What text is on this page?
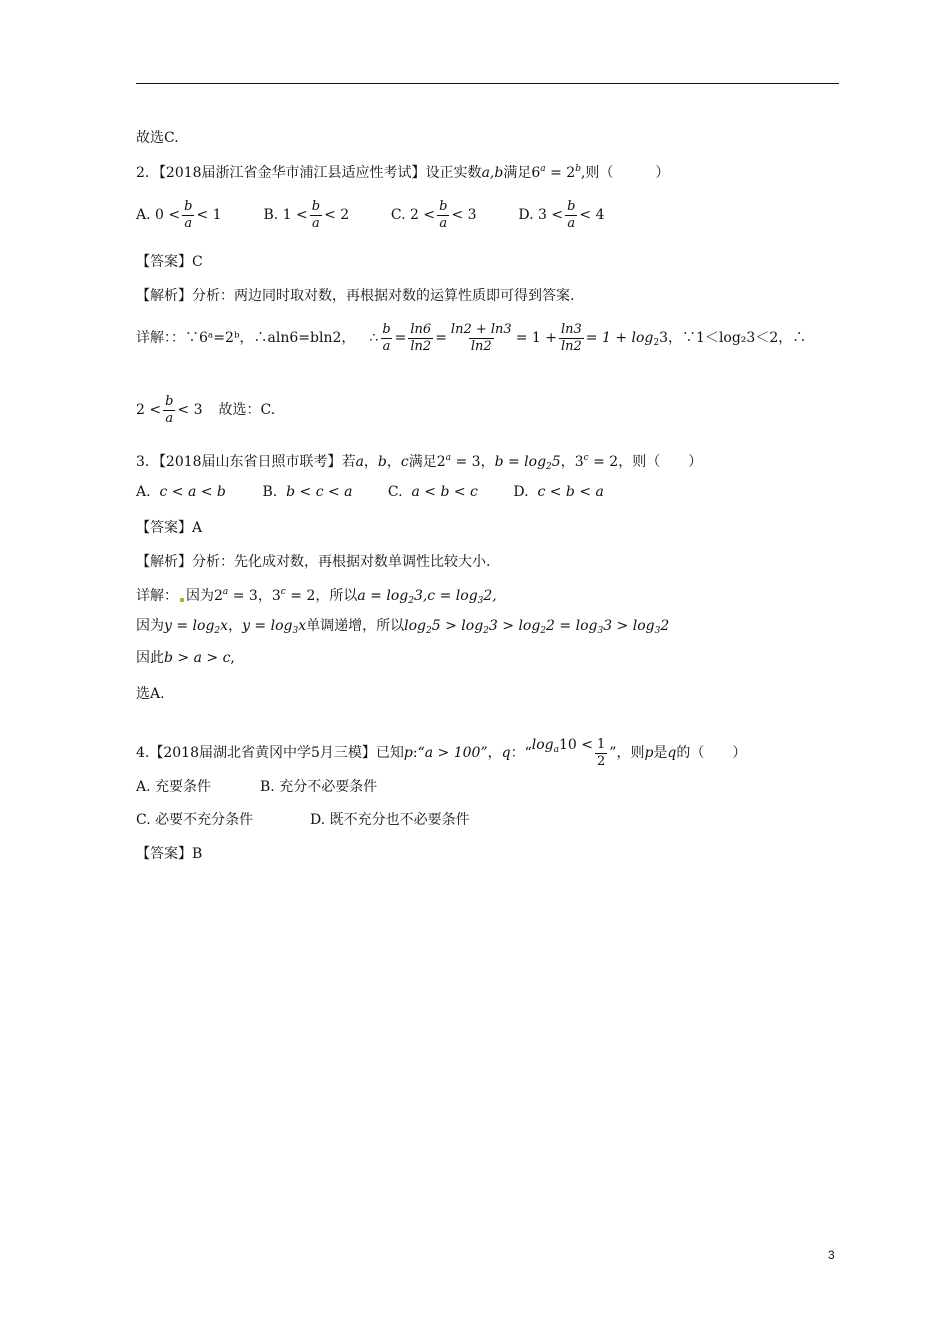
故选C.
2．【2018届浙江省金华市浦江县适应性考试】设正实数a,b满足$6^a = 2^b$,则（　　　）
A. $0 < \frac{b}{a} < 1$	B. $1 < \frac{b}{a} < 2$	C. $2 < \frac{b}{a} < 3$	D. $3 < \frac{b}{a} < 4$
【答案】C
【解析】分析：两边同时取对数，再根据对数的运算性质即可得到答案.
详解：：∵6ᵃ=2ᵇ，∴aln6=bln2， ∴ $\frac{b}{a} = \frac{\ln 6}{\ln 2} = \frac{\ln 2 + \ln 3}{\ln 2} = 1 + \frac{\ln 3}{\ln 2} = 1 + \log_23$，∵1＜log₂3＜2，∴
$2 < \frac{b}{a} < 3$ 故选：C.
3．【2018届山东省日照市联考】若a，b，c满足$2^a = 3$，$b = \log_25$，$3^c = 2$，则（　　）
A. c < a < b	B. b < c < a	C. a < b < c	D. c < b < a
【答案】A
【解析】分析：先化成对数，再根据对数单调性比较大小.
详解： 因为$2^a = 3$，$3^c = 2$，所以$a = \log_23,c = \log_32$,
因为$y = \log_2x$，$y = \log_3x$单调递增，所以$\log_25 > \log_23 > \log_22 = \log_33 > \log_32$
因此b > a > c,
选A.
4.【2018届湖北省黄冈中学5月三模】已知p:“a > 100”，q：“$\log_a10 < \frac{1}{2}$ ”，则p是q的（　　）
A. 充要条件	B. 充分不必要条件
C. 必要不充分条件	D. 既不充分也不必要条件
【答案】B
3
